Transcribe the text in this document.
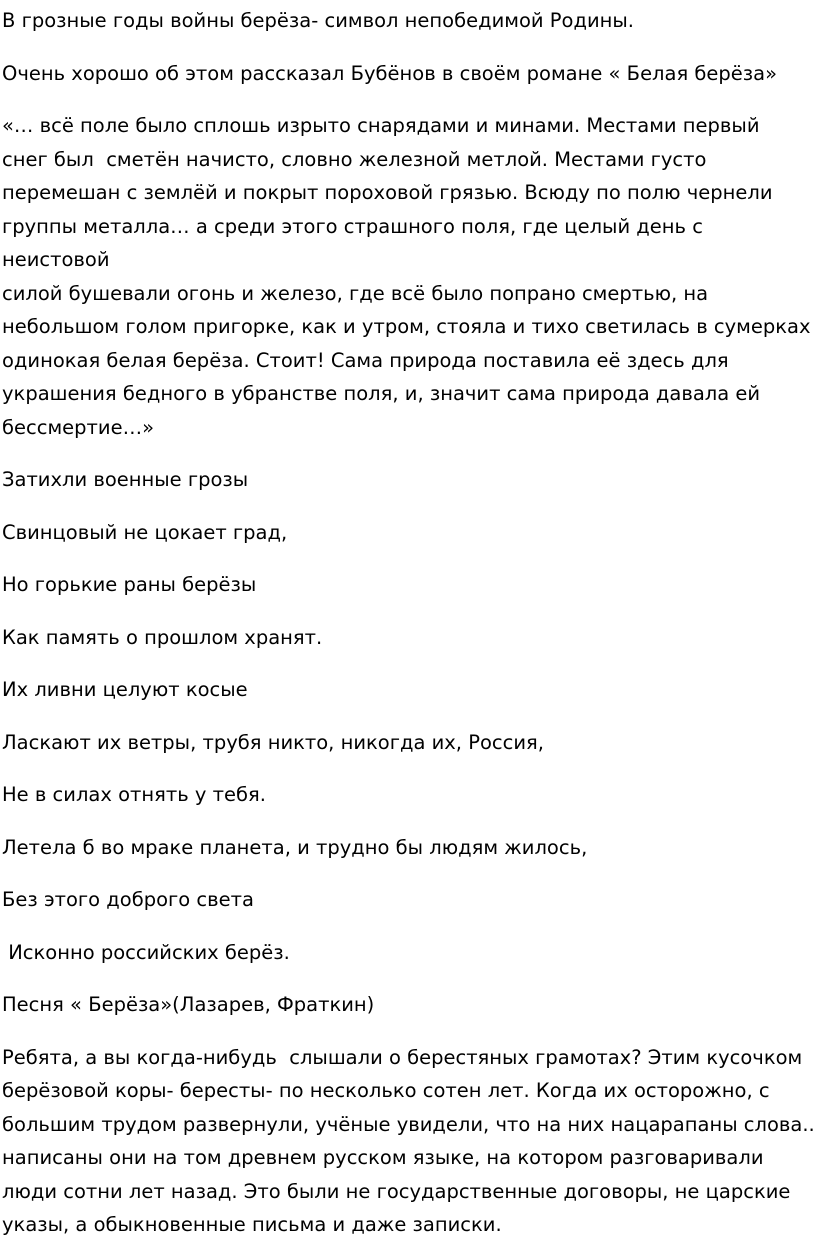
В грозные годы войны берёза- символ непобедимой Родины.

Очень хорошо об этом рассказал Бубёнов в своём романе « Белая берёза»

«… всё поле было сплошь изрыто снарядами и минами. Местами первый
снег был  сметён начисто, словно железной метлой. Местами густо
перемешан с землёй и покрыт пороховой грязью. Всюду по полю чернели
группы металла… а среди этого страшного поля, где целый день с неистовой
силой бушевали огонь и железо, где всё было попрано смертью, на
небольшом голом пригорке, как и утром, стояла и тихо светилась в сумерках
одинокая белая берёза. Стоит! Сама природа поставила её здесь для
украшения бедного в убранстве поля, и, значит сама природа давала ей
бессмертие…»

Затихли военные грозы

Свинцовый не цокает град,

Но горькие раны берёзы

Как память о прошлом хранят.

Их ливни целуют косые

Ласкают их ветры, трубя никто, никогда их, Россия,

Не в силах отнять у тебя.

Летела б во мраке планета, и трудно бы людям жилось,

Без этого доброго света

Исконно российских берёз.

Песня « Берёза»(Лазарев, Фраткин)

Ребята, а вы когда-нибудь  слышали о берестяных грамотах? Этим кусочком
берёзовой коры- бересты- по несколько сотен лет. Когда их осторожно, с
большим трудом развернули, учёные увидели, что на них нацарапаны слова..
написаны они на том древнем русском языке, на котором разговаривали
люди сотни лет назад. Это были не государственные договоры, не царские
указы, а обыкновенные письма и даже записки.
